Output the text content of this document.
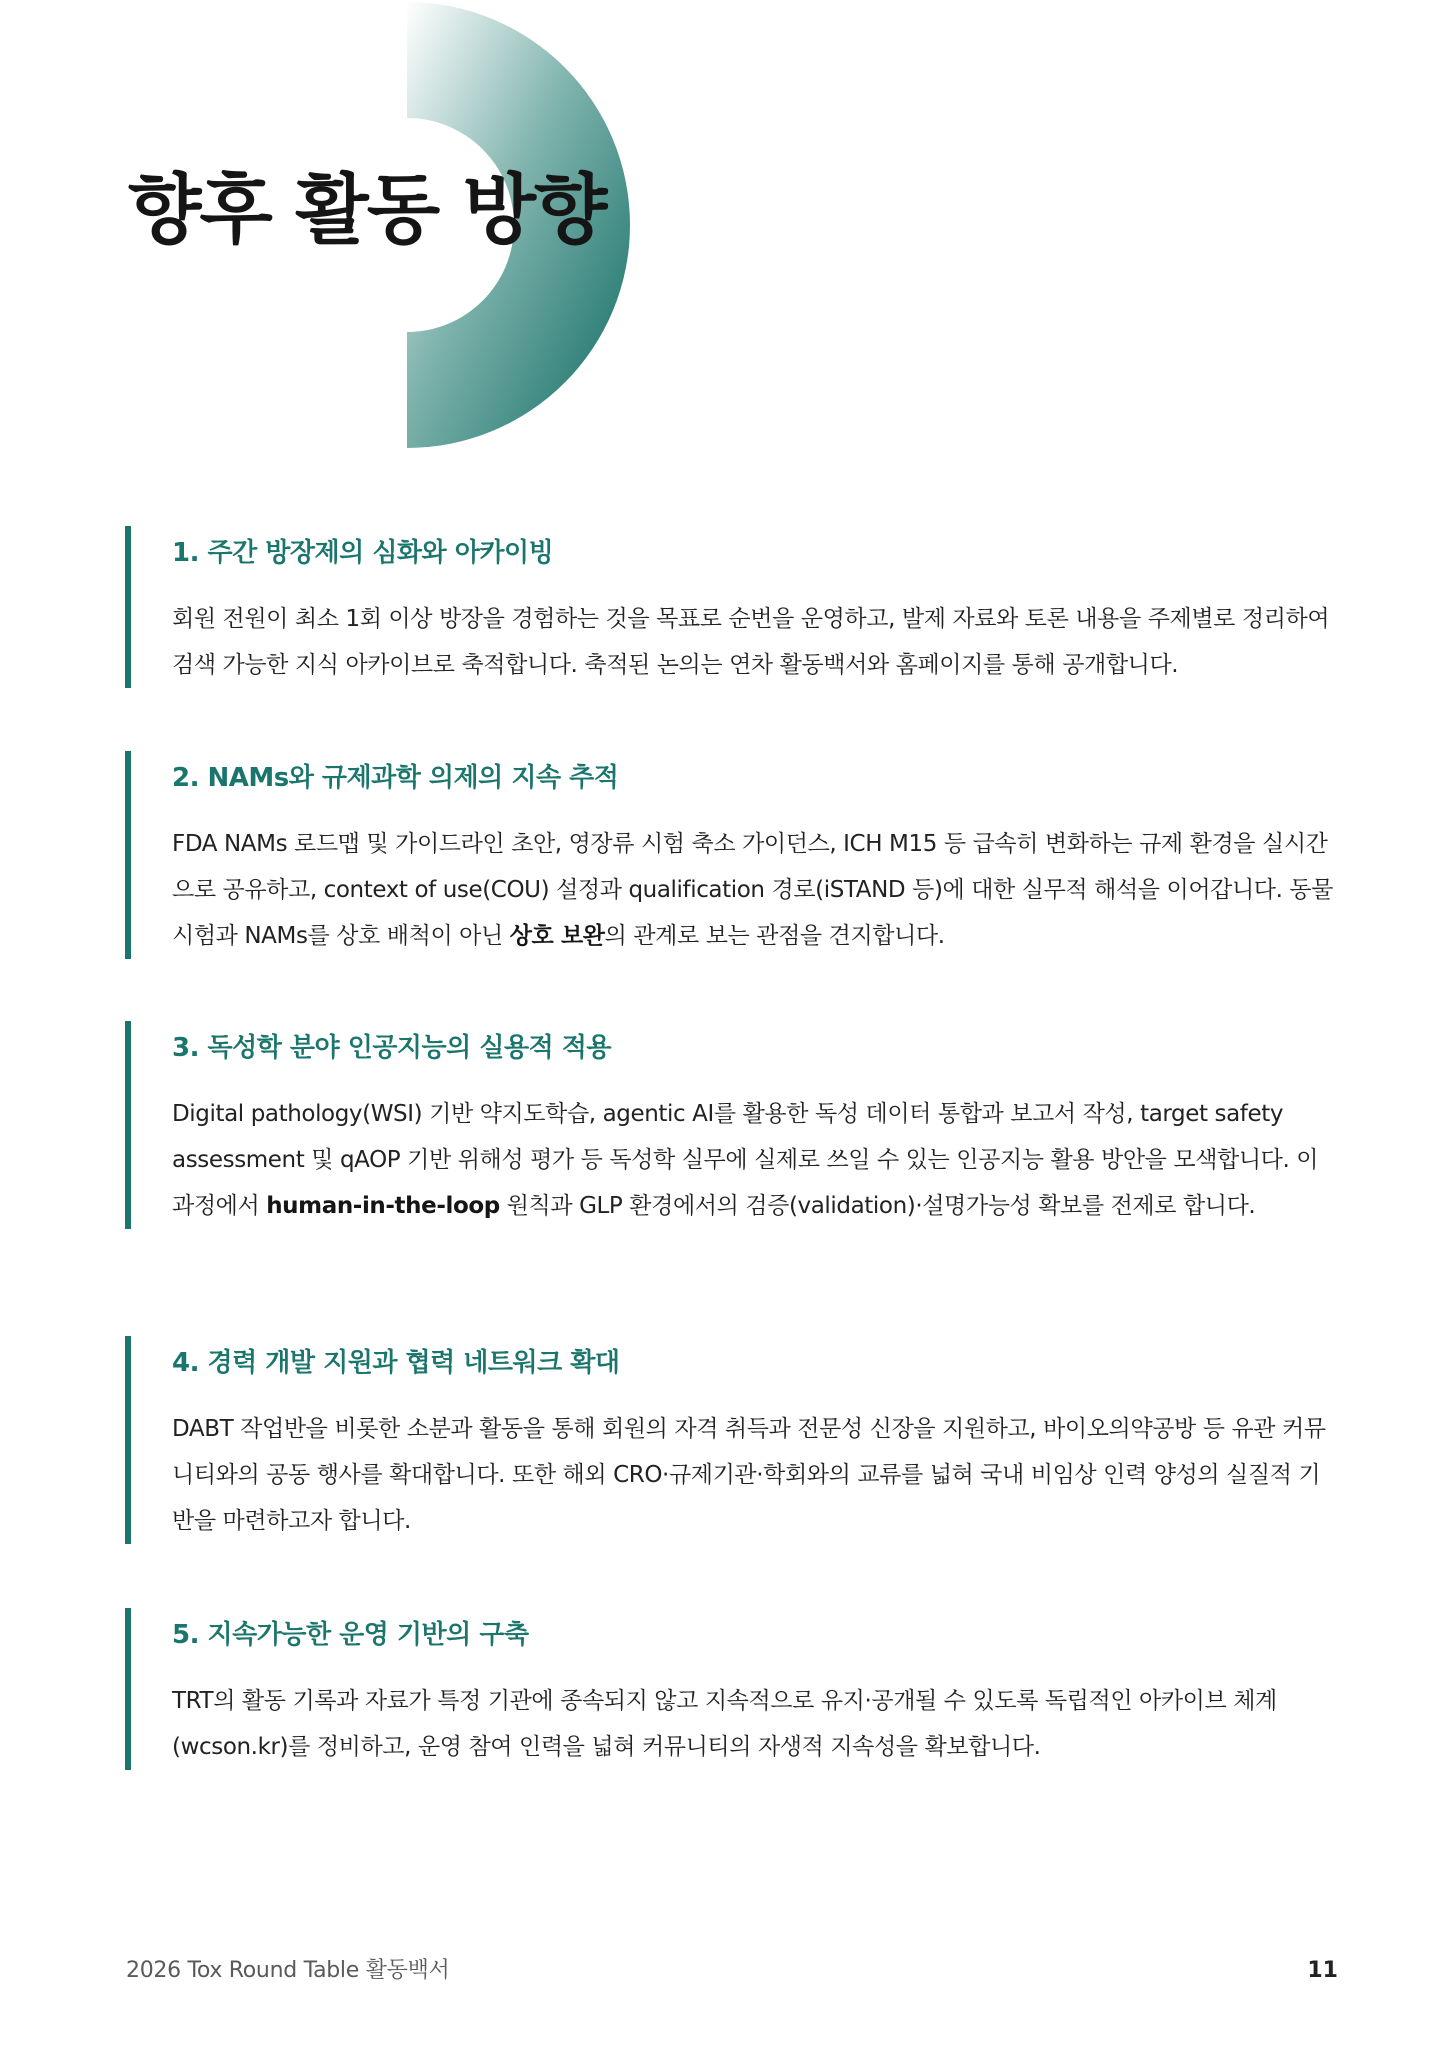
향후 활동 방향
1. 주간 방장제의 심화와 아카이빙

회원 전원이 최소 1회 이상 방장을 경험하는 것을 목표로 순번을 운영하고, 발제 자료와 토론 내용을 주제별로 정리하여 검색 가능한 지식 아카이브로 축적합니다. 축적된 논의는 연차 활동백서와 홈페이지를 통해 공개합니다.

2. NAMs와 규제과학 의제의 지속 추적

FDA NAMs 로드맵 및 가이드라인 초안, 영장류 시험 축소 가이던스, ICH M15 등 급속히 변화하는 규제 환경을 실시간으로 공유하고, context of use(COU) 설정과 qualification 경로(iSTAND 등)에 대한 실무적 해석을 이어갑니다. 동물시험과 NAMs를 상호 배척이 아닌 상호 보완의 관계로 보는 관점을 견지합니다.

3. 독성학 분야 인공지능의 실용적 적용

Digital pathology(WSI) 기반 약지도학습, agentic AI를 활용한 독성 데이터 통합과 보고서 작성, target safety assessment 및 qAOP 기반 위해성 평가 등 독성학 실무에 실제로 쓰일 수 있는 인공지능 활용 방안을 모색합니다. 이 과정에서 human-in-the-loop 원칙과 GLP 환경에서의 검증(validation)·설명가능성 확보를 전제로 합니다.

4. 경력 개발 지원과 협력 네트워크 확대

DABT 작업반을 비롯한 소분과 활동을 통해 회원의 자격 취득과 전문성 신장을 지원하고, 바이오의약공방 등 유관 커뮤니티와의 공동 행사를 확대합니다. 또한 해외 CRO·규제기관·학회와의 교류를 넓혀 국내 비임상 인력 양성의 실질적 기반을 마련하고자 합니다.

5. 지속가능한 운영 기반의 구축

TRT의 활동 기록과 자료가 특정 기관에 종속되지 않고 지속적으로 유지·공개될 수 있도록 독립적인 아카이브 체계(wcson.kr)를 정비하고, 운영 참여 인력을 넓혀 커뮤니티의 자생적 지속성을 확보합니다.

2026 Tox Round Table 활동백서	11
